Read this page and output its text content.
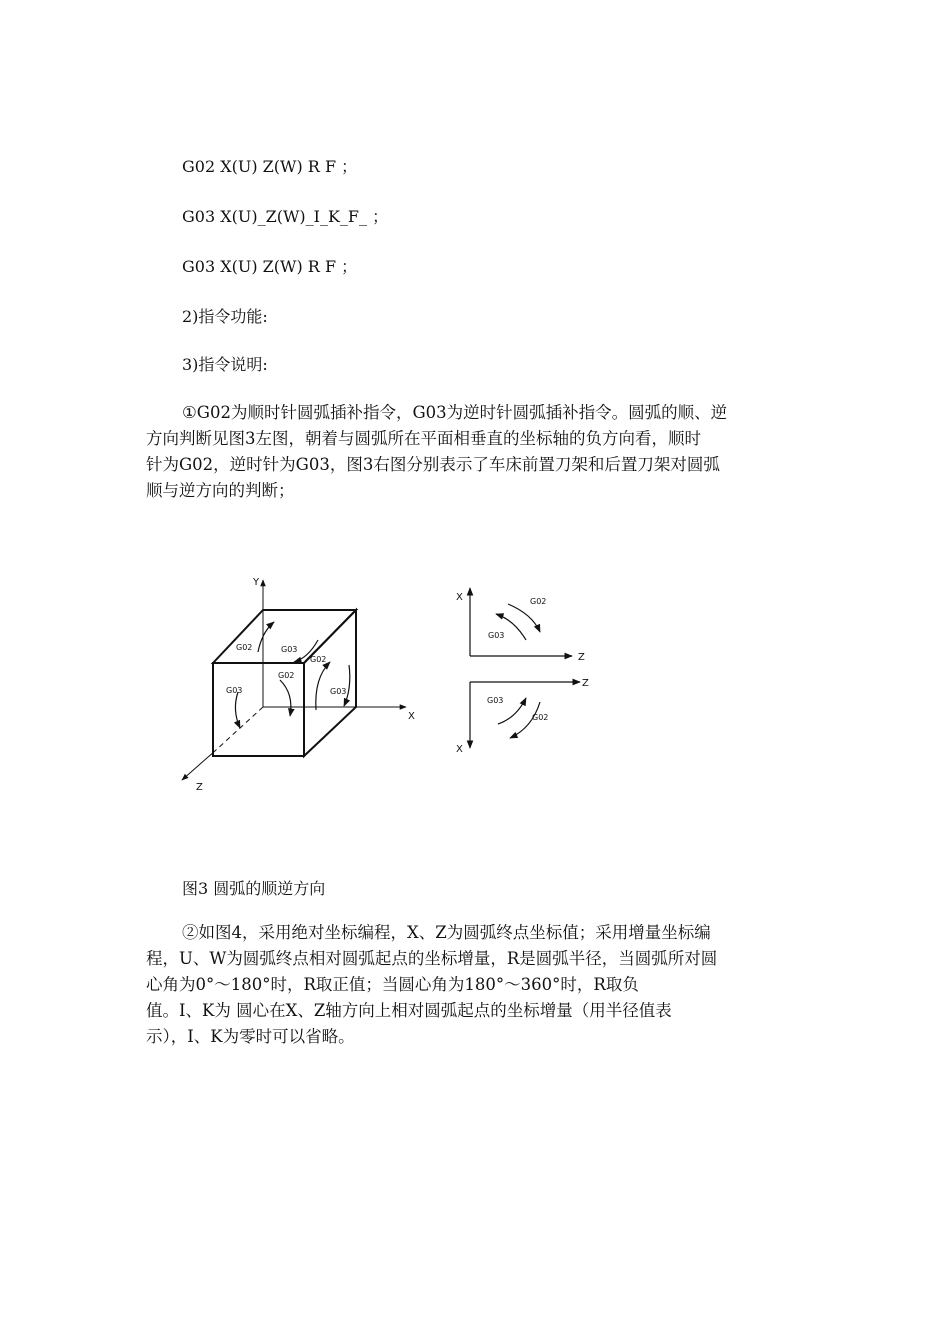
G02 X(U) Z(W) R F ；
G03 X(U)_Z(W)_I_K_F_ ；
G03 X(U) Z(W) R F ；
2)指令功能:
3)指令说明:
①G02为顺时针圆弧插补指令，G03为逆时针圆弧插补指令。圆弧的顺、逆
方向判断见图3左图，朝着与圆弧所在平面相垂直的坐标轴的负方向看，顺时
针为G02，逆时针为G03，图3右图分别表示了车床前置刀架和后置刀架对圆弧
顺与逆方向的判断；
Y
X
Z
G02	G03
G03
G02
G02
G03
X
Z
G02
G03
X
Z
G03
G02
图3 圆弧的顺逆方向
②如图4，采用绝对坐标编程，X、Z为圆弧终点坐标值；采用增量坐标编
程，U、W为圆弧终点相对圆弧起点的坐标增量，R是圆弧半径，当圆弧所对圆
心角为0°～180°时，R取正值；当圆心角为180°～360°时，R取负
值。I、K为 圆心在X、Z轴方向上相对圆弧起点的坐标增量（用半径值表
示），I、K为零时可以省略。
